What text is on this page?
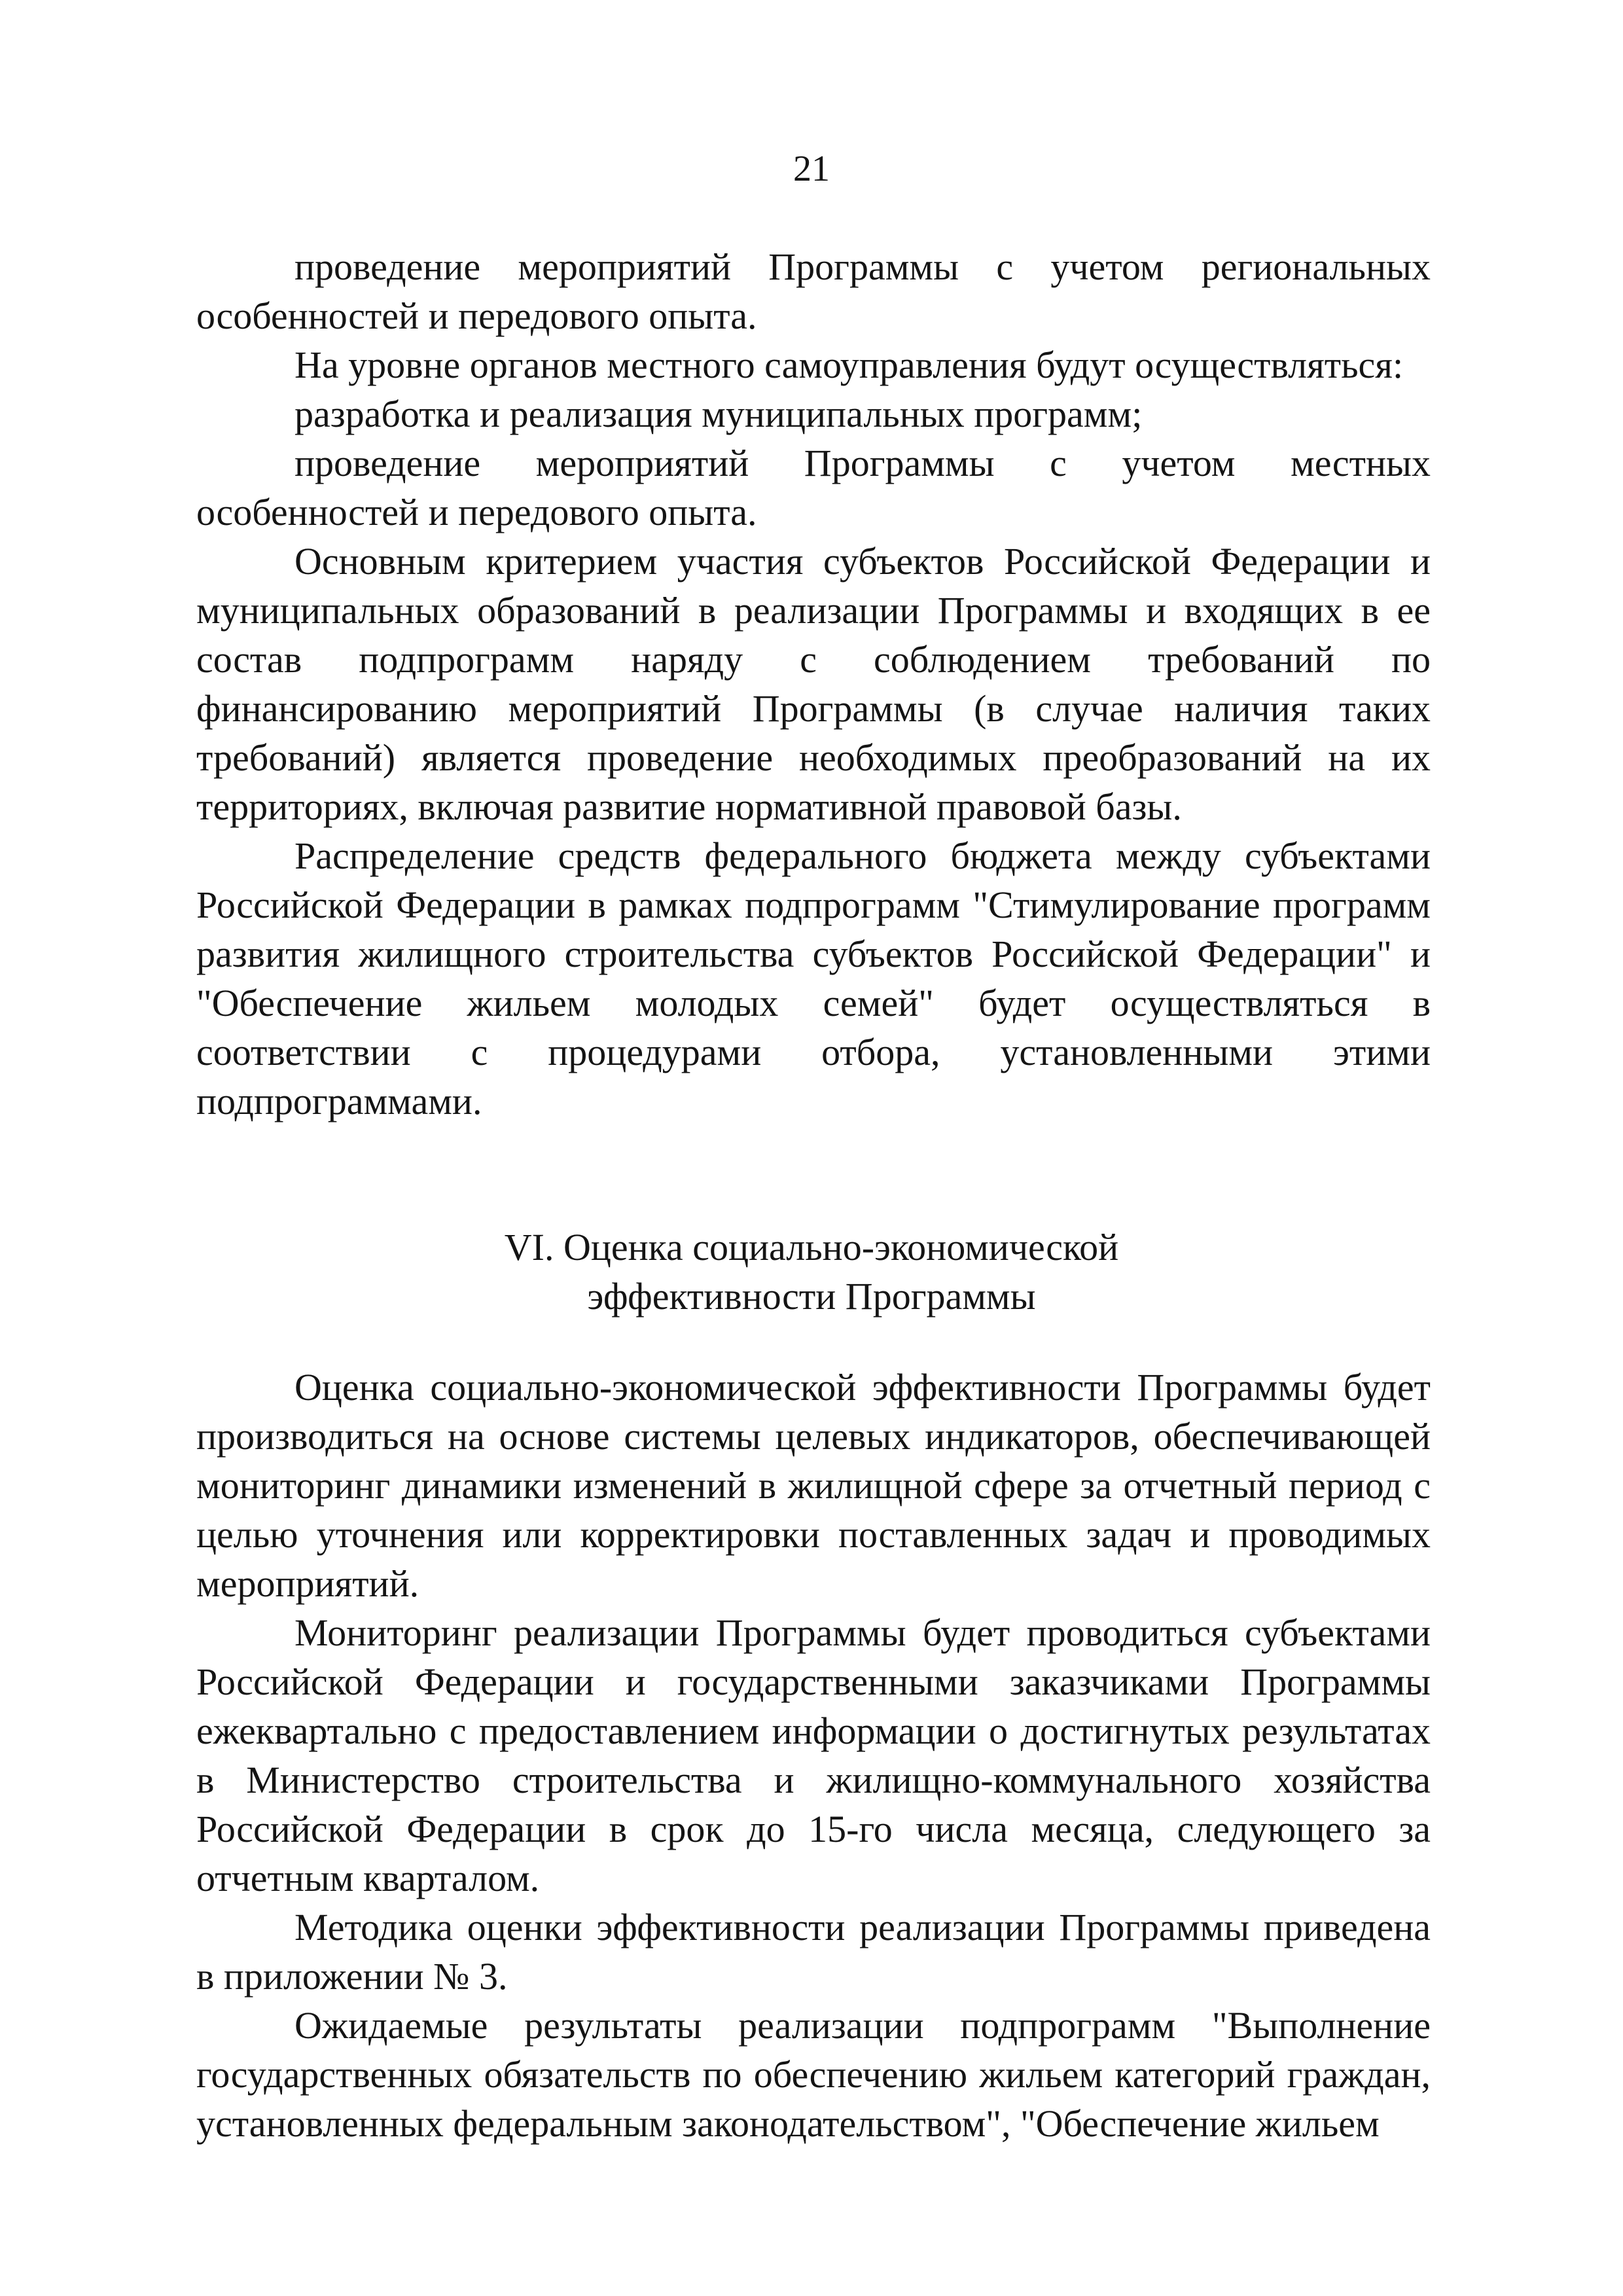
21

проведение мероприятий Программы с учетом региональных особенностей и передового опыта.

На уровне органов местного самоуправления будут осуществляться:

разработка и реализация муниципальных программ;

проведение мероприятий Программы с учетом местных особенностей и передового опыта.

Основным критерием участия субъектов Российской Федерации и муниципальных образований в реализации Программы и входящих в ее состав подпрограмм наряду с соблюдением требований по финансированию мероприятий Программы (в случае наличия таких требований) является проведение необходимых преобразований на их территориях, включая развитие нормативной правовой базы.

Распределение средств федерального бюджета между субъектами Российской Федерации в рамках подпрограмм "Стимулирование программ развития жилищного строительства субъектов Российской Федерации" и "Обеспечение жильем молодых семей" будет осуществляться в соответствии с процедурами отбора, установленными этими подпрограммами.

VI. Оценка социально-экономической
эффективности Программы

Оценка социально-экономической эффективности Программы будет производиться на основе системы целевых индикаторов, обеспечивающей мониторинг динамики изменений в жилищной сфере за отчетный период с целью уточнения или корректировки поставленных задач и проводимых мероприятий.

Мониторинг реализации Программы будет проводиться субъектами Российской Федерации и государственными заказчиками Программы ежеквартально с предоставлением информации о достигнутых результатах в Министерство строительства и жилищно-коммунального хозяйства Российской Федерации в срок до 15-го числа месяца, следующего за отчетным кварталом.

Методика оценки эффективности реализации Программы приведена в приложении № 3.

Ожидаемые результаты реализации подпрограмм "Выполнение государственных обязательств по обеспечению жильем категорий граждан, установленных федеральным законодательством", "Обеспечение жильем
